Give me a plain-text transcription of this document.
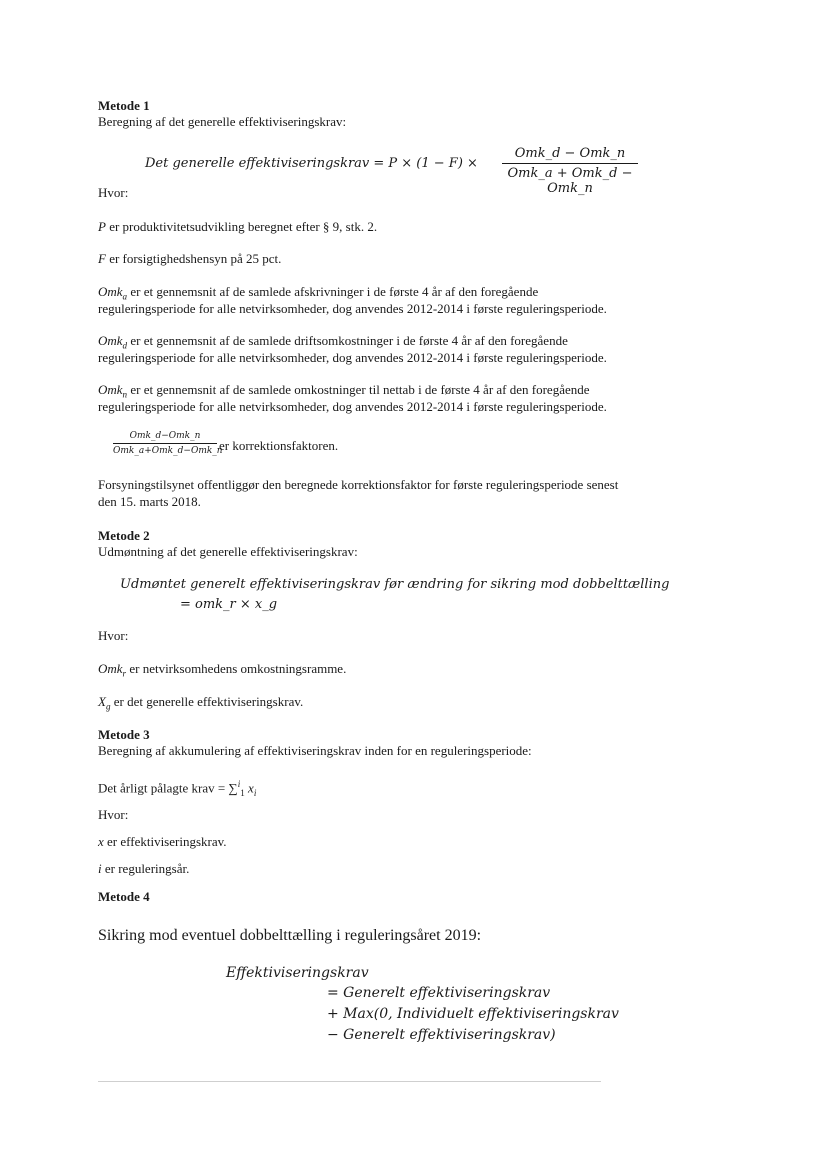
Metode 1
Beregning af det generelle effektiviseringskrav:
Det generelle effektiviseringskrav = P × (1 − F) ×
Omk_d − Omk_n
Omk_a + Omk_d − Omk_n
Hvor:
P er produktivitetsudvikling beregnet efter § 9, stk. 2.
F er forsigtighedshensyn på 25 pct.
Omk$_a$ er et gennemsnit af de samlede afskrivninger i de første 4 år af den foregående
reguleringsperiode for alle netvirksomheder, dog anvendes 2012-2014 i første reguleringsperiode.
Omk$_d$ er et gennemsnit af de samlede driftsomkostninger i de første 4 år af den foregående
reguleringsperiode for alle netvirksomheder, dog anvendes 2012-2014 i første reguleringsperiode.
Omk$_n$ er et gennemsnit af de samlede omkostninger til nettab i de første 4 år af den foregående
reguleringsperiode for alle netvirksomheder, dog anvendes 2012-2014 i første reguleringsperiode.
Omk_d−Omk_n
Omk_a+Omk_d−Omk_n
er korrektionsfaktoren.
Forsyningstilsynet offentliggør den beregnede korrektionsfaktor for første reguleringsperiode senest
den 15. marts 2018.
Metode 2
Udmøntning af det generelle effektiviseringskrav:
Udmøntet generelt effektiviseringskrav før ændring for sikring mod dobbelttælling
= omk_r × x_g
Hvor:
Omk$_r$ er netvirksomhedens omkostningsramme.
$X_g$ er det generelle effektiviseringskrav.
Metode 3
Beregning af akkumulering af effektiviseringskrav inden for en reguleringsperiode:
Det årligt pålagte krav = ∑$^i_1$ $x_i$
Hvor:
x er effektiviseringskrav.
i er reguleringsår.
Metode 4
Sikring mod eventuel dobbelttælling i reguleringsåret 2019:
Effektiviseringskrav
= Generelt effektiviseringskrav
+ Max(0, Individuelt effektiviseringskrav
− Generelt effektiviseringskrav)
